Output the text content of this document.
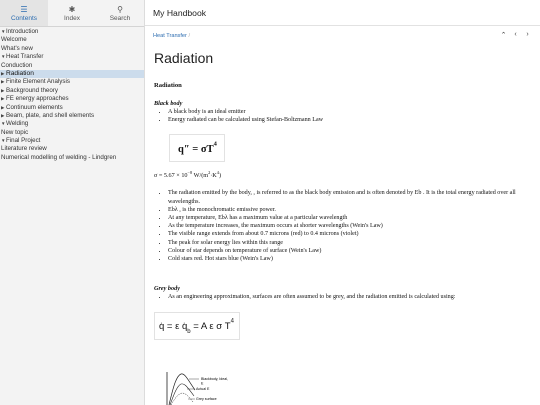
☰
Contents
✱
Index
⚲
Search
▼Introduction
Welcome
What's new
▼Heat Transfer
Conduction
▶ Radiation
▶ Finite Element Analysis
▶ Background theory
▶ FE energy approaches
▶ Continuum elements
▶ Beam, plate, and shell elements
▼Welding
New topic
▼Final Project
Literature review
Numerical modelling of welding - Lindgren
My Handbook
Heat Transfer /	⌃	‹	›
Radiation
Radiation
Black body
• A black body is an ideal emitter
• Energy radiated can be calculated using Stefan-Boltzmann Law
$q'' = \sigma T^4$
$\sigma = 5.67 \times 10^{-8}$ $W/(m^2\cdot K^4)$
• The radiation emitted by the body, , is referred to as the black body emission and is often denoted by Eb . It is the total energy radiated over all wavelengths.
• Ebλ , is the monochromatic emissive power.
• At any temperature, Ebλ has a maximum value at a particular wavelength
• As the temperature increases, the maximum occurs at shorter wavelengths (Wein's Law)
• The visible range extends from about 0.7 microns (red) to 0.4 microns (violet)
• The peak for solar energy lies within this range
• Colour of star depends on temperature of surface (Wein's Law)
• Cold stars red. Hot stars blue (Wein's Law)
Grey body
• As an engineering approximation, surfaces are often assumed to be grey, and the radiation emitted is calculated using:
q̇ = ε $q̇_b = A$ ε σ $T^4$
Blackbody, Ideal,
E
Actual E
Grey surface
